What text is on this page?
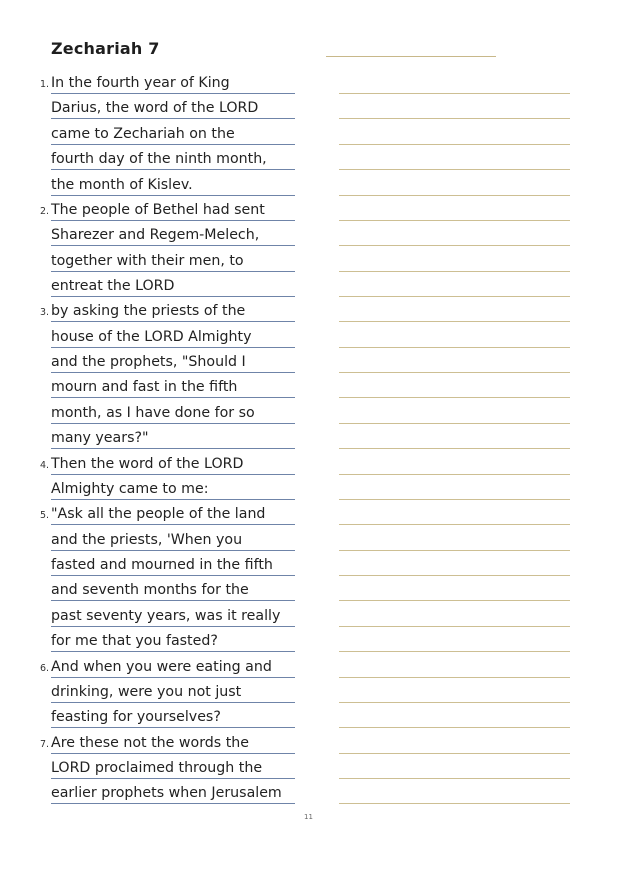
Zechariah 7
1. In the fourth year of King
Darius, the word of the LORD
came to Zechariah on the
fourth day of the ninth month,
the month of Kislev.
2. The people of Bethel had sent
Sharezer and Regem-Melech,
together with their men, to
entreat the LORD
3. by asking the priests of the
house of the LORD Almighty
and the prophets, "Should I
mourn and fast in the fifth
month, as I have done for so
many years?"
4. Then the word of the LORD
Almighty came to me:
5. "Ask all the people of the land
and the priests, 'When you
fasted and mourned in the fifth
and seventh months for the
past seventy years, was it really
for me that you fasted?
6. And when you were eating and
drinking, were you not just
feasting for yourselves?
7. Are these not the words the
LORD proclaimed through the
earlier prophets when Jerusalem
11
